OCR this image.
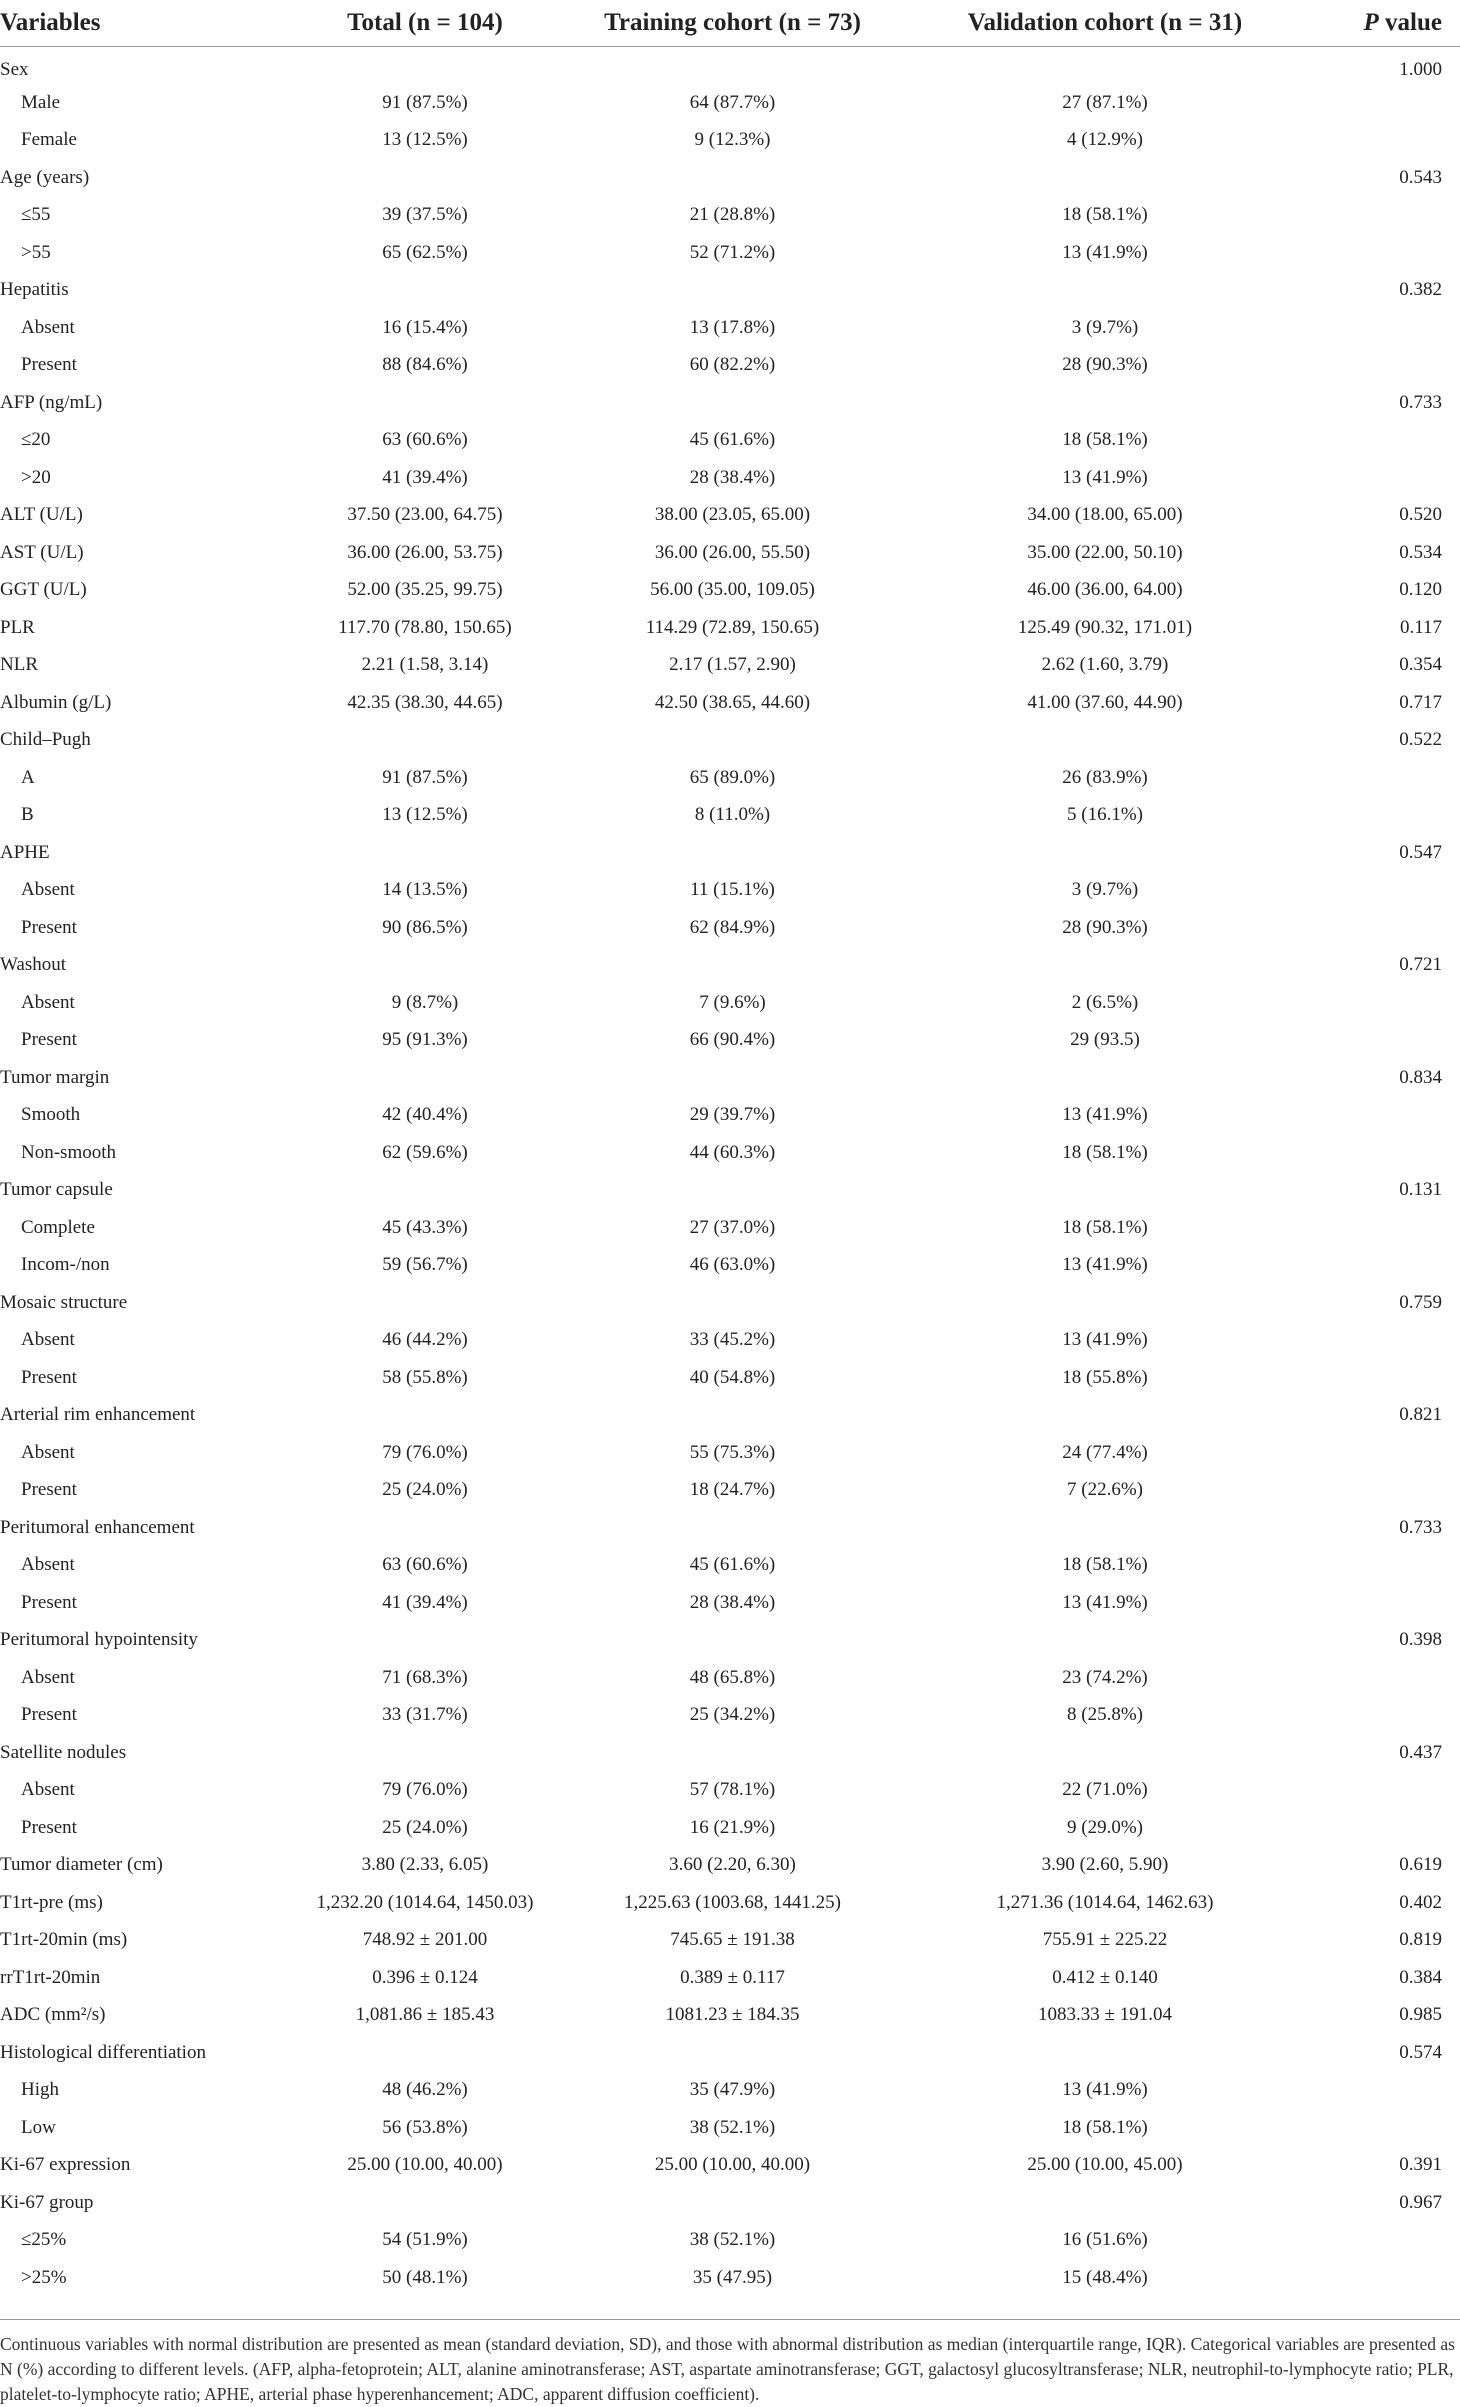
Variables	Total (n = 104)	Training cohort (n = 73)	Validation cohort (n = 31)	P value
Sex				1.000
Male	91 (87.5%)	64 (87.7%)	27 (87.1%)	
Female	13 (12.5%)	9 (12.3%)	4 (12.9%)	
Age (years)				0.543
≤55	39 (37.5%)	21 (28.8%)	18 (58.1%)	
>55	65 (62.5%)	52 (71.2%)	13 (41.9%)	
Hepatitis				0.382
Absent	16 (15.4%)	13 (17.8%)	3 (9.7%)	
Present	88 (84.6%)	60 (82.2%)	28 (90.3%)	
AFP (ng/mL)				0.733
≤20	63 (60.6%)	45 (61.6%)	18 (58.1%)	
>20	41 (39.4%)	28 (38.4%)	13 (41.9%)	
ALT (U/L)	37.50 (23.00, 64.75)	38.00 (23.05, 65.00)	34.00 (18.00, 65.00)	0.520
AST (U/L)	36.00 (26.00, 53.75)	36.00 (26.00, 55.50)	35.00 (22.00, 50.10)	0.534
GGT (U/L)	52.00 (35.25, 99.75)	56.00 (35.00, 109.05)	46.00 (36.00, 64.00)	0.120
PLR	117.70 (78.80, 150.65)	114.29 (72.89, 150.65)	125.49 (90.32, 171.01)	0.117
NLR	2.21 (1.58, 3.14)	2.17 (1.57, 2.90)	2.62 (1.60, 3.79)	0.354
Albumin (g/L)	42.35 (38.30, 44.65)	42.50 (38.65, 44.60)	41.00 (37.60, 44.90)	0.717
Child–Pugh				0.522
A	91 (87.5%)	65 (89.0%)	26 (83.9%)	
B	13 (12.5%)	8 (11.0%)	5 (16.1%)	
APHE				0.547
Absent	14 (13.5%)	11 (15.1%)	3 (9.7%)	
Present	90 (86.5%)	62 (84.9%)	28 (90.3%)	
Washout				0.721
Absent	9 (8.7%)	7 (9.6%)	2 (6.5%)	
Present	95 (91.3%)	66 (90.4%)	29 (93.5)	
Tumor margin				0.834
Smooth	42 (40.4%)	29 (39.7%)	13 (41.9%)	
Non-smooth	62 (59.6%)	44 (60.3%)	18 (58.1%)	
Tumor capsule				0.131
Complete	45 (43.3%)	27 (37.0%)	18 (58.1%)	
Incom-/non	59 (56.7%)	46 (63.0%)	13 (41.9%)	
Mosaic structure				0.759
Absent	46 (44.2%)	33 (45.2%)	13 (41.9%)	
Present	58 (55.8%)	40 (54.8%)	18 (55.8%)	
Arterial rim enhancement				0.821
Absent	79 (76.0%)	55 (75.3%)	24 (77.4%)	
Present	25 (24.0%)	18 (24.7%)	7 (22.6%)	
Peritumoral enhancement				0.733
Absent	63 (60.6%)	45 (61.6%)	18 (58.1%)	
Present	41 (39.4%)	28 (38.4%)	13 (41.9%)	
Peritumoral hypointensity				0.398
Absent	71 (68.3%)	48 (65.8%)	23 (74.2%)	
Present	33 (31.7%)	25 (34.2%)	8 (25.8%)	
Satellite nodules				0.437
Absent	79 (76.0%)	57 (78.1%)	22 (71.0%)	
Present	25 (24.0%)	16 (21.9%)	9 (29.0%)	
Tumor diameter (cm)	3.80 (2.33, 6.05)	3.60 (2.20, 6.30)	3.90 (2.60, 5.90)	0.619
T1rt-pre (ms)	1,232.20 (1014.64, 1450.03)	1,225.63 (1003.68, 1441.25)	1,271.36 (1014.64, 1462.63)	0.402
T1rt-20min (ms)	748.92 ± 201.00	745.65 ± 191.38	755.91 ± 225.22	0.819
rrT1rt-20min	0.396 ± 0.124	0.389 ± 0.117	0.412 ± 0.140	0.384
ADC (mm²/s)	1,081.86 ± 185.43	1081.23 ± 184.35	1083.33 ± 191.04	0.985
Histological differentiation				0.574
High	48 (46.2%)	35 (47.9%)	13 (41.9%)	
Low	56 (53.8%)	38 (52.1%)	18 (58.1%)	
Ki-67 expression	25.00 (10.00, 40.00)	25.00 (10.00, 40.00)	25.00 (10.00, 45.00)	0.391
Ki-67 group				0.967
≤25%	54 (51.9%)	38 (52.1%)	16 (51.6%)	
>25%	50 (48.1%)	35 (47.95)	15 (48.4%)	
Continuous variables with normal distribution are presented as mean (standard deviation, SD), and those with abnormal distribution as median (interquartile range, IQR). Categorical variables are presented as N (%) according to different levels. (AFP, alpha-fetoprotein; ALT, alanine aminotransferase; AST, aspartate aminotransferase; GGT, galactosyl glucosyltransferase; NLR, neutrophil-to-lymphocyte ratio; PLR, platelet-to-lymphocyte ratio; APHE, arterial phase hyperenhancement; ADC, apparent diffusion coefficient).
